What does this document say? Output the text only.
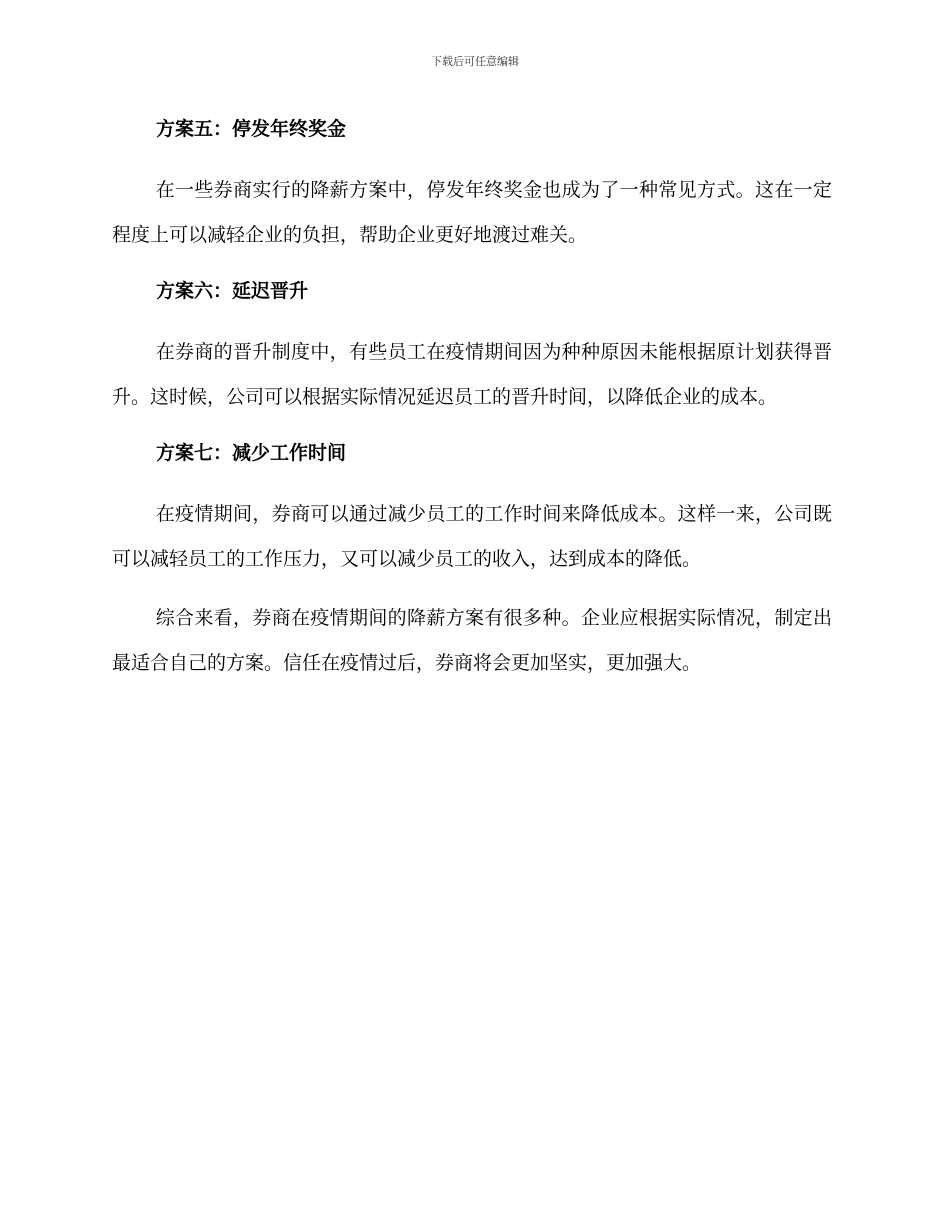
下载后可任意编辑
方案五：停发年终奖金

在一些券商实行的降薪方案中，停发年终奖金也成为了一种常见方式。这在一定程度上可以减轻企业的负担，帮助企业更好地渡过难关。

方案六：延迟晋升

在券商的晋升制度中，有些员工在疫情期间因为种种原因未能根据原计划获得晋升。这时候，公司可以根据实际情况延迟员工的晋升时间，以降低企业的成本。

方案七：减少工作时间

在疫情期间，券商可以通过减少员工的工作时间来降低成本。这样一来，公司既可以减轻员工的工作压力，又可以减少员工的收入，达到成本的降低。

综合来看，券商在疫情期间的降薪方案有很多种。企业应根据实际情况，制定出最适合自己的方案。信任在疫情过后，券商将会更加坚实，更加强大。
